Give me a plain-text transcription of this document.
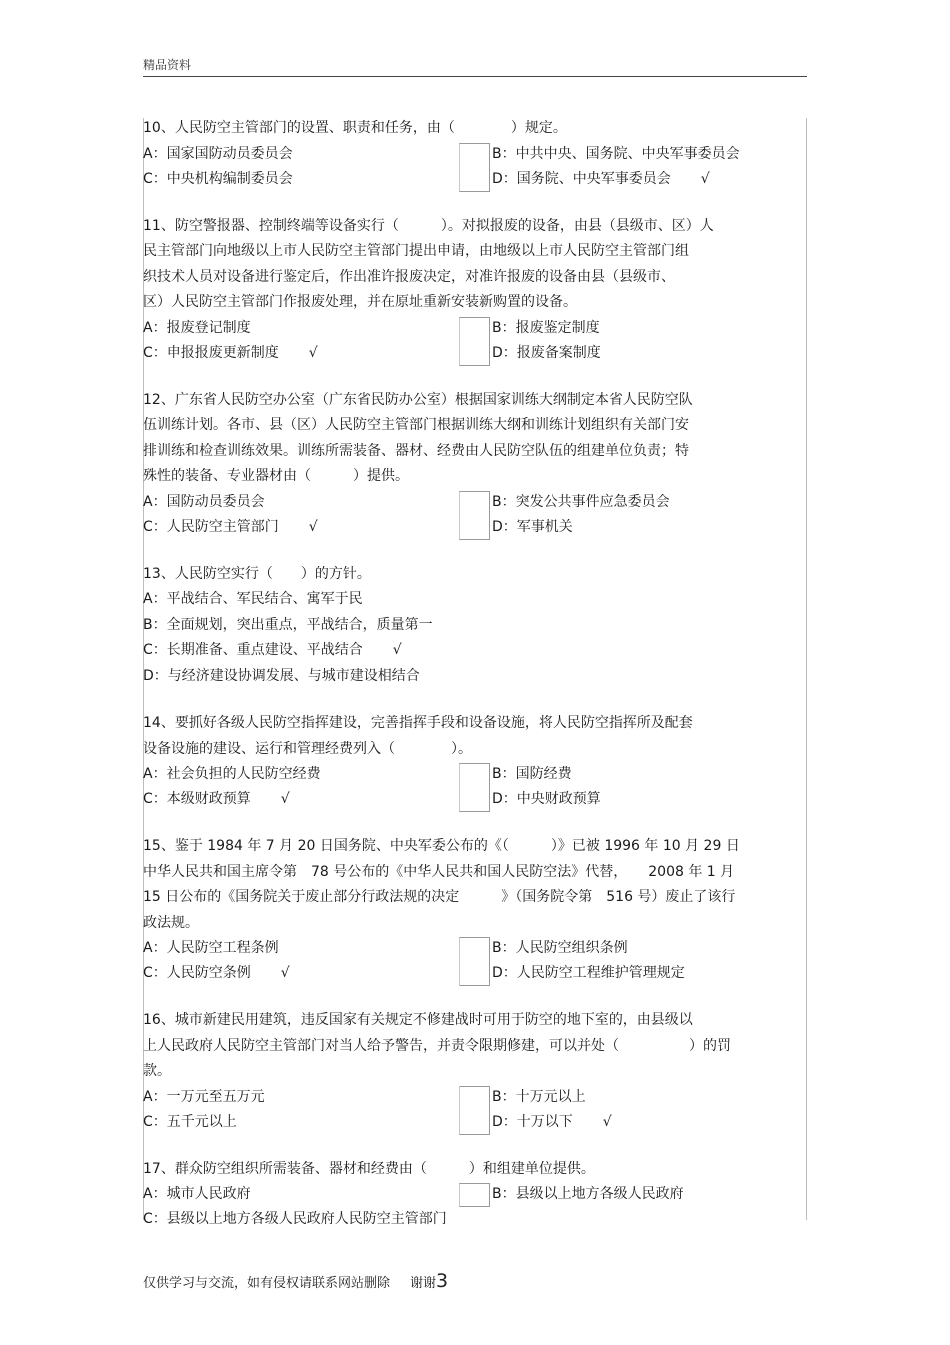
精品资料
10、人民防空主管部门的设置、职责和任务，由（　　　　）规定。
A：国家国防动员委员会	B：中共中央、国务院、中央军事委员会
C：中央机构编制委员会	D：国务院、中央军事委员会 √
11、防空警报器、控制终端等设备实行（　　　）。对拟报废的设备，由县（县级市、区）人
民主管部门向地级以上市人民防空主管部门提出申请，由地级以上市人民防空主管部门组
织技术人员对设备进行鉴定后，作出准许报废决定，对准许报废的设备由县（县级市、
区）人民防空主管部门作报废处理，并在原址重新安装新购置的设备。
A：报废登记制度	B：报废鉴定制度
C：申报报废更新制度 √	D：报废备案制度
12、广东省人民防空办公室（广东省民防办公室）根据国家训练大纲制定本省人民防空队
伍训练计划。各市、县（区）人民防空主管部门根据训练大纲和训练计划组织有关部门安
排训练和检查训练效果。训练所需装备、器材、经费由人民防空队伍的组建单位负责；特
殊性的装备、专业器材由（　　　）提供。
A：国防动员委员会	B：突发公共事件应急委员会
C：人民防空主管部门 √	D：军事机关
13、人民防空实行（　　）的方针。
A：平战结合、军民结合、寓军于民
B：全面规划，突出重点，平战结合，质量第一
C：长期准备、重点建设、平战结合 √
D：与经济建设协调发展、与城市建设相结合
14、要抓好各级人民防空指挥建设，完善指挥手段和设备设施，将人民防空指挥所及配套
设备设施的建设、运行和管理经费列入（　　　　）。
A：社会负担的人民防空经费	B：国防经费
C：本级财政预算 √	D：中央财政预算
15、鉴于 1984 年 7 月 20 日国务院、中央军委公布的《（　　　）》已被 1996 年 10 月 29 日
中华人民共和国主席令第　78 号公布的《中华人民共和国人民防空法》代替，　　2008 年 1 月
15 日公布的《国务院关于废止部分行政法规的决定　　　》（国务院令第　516 号）废止了该行
政法规。
A：人民防空工程条例	B：人民防空组织条例
C：人民防空条例 √	D：人民防空工程维护管理规定
16、城市新建民用建筑，违反国家有关规定不修建战时可用于防空的地下室的，由县级以
上人民政府人民防空主管部门对当人给予警告，并责令限期修建，可以并处（　　　　　）的罚
款。
A：一万元至五万元	B：十万元以上
C：五千元以上	D：十万以下 √
17、群众防空组织所需装备、器材和经费由（　　　）和组建单位提供。
A：城市人民政府	B：县级以上地方各级人民政府
C：县级以上地方各级人民政府人民防空主管部门
仅供学习与交流，如有侵权请联系网站删除 谢谢3
